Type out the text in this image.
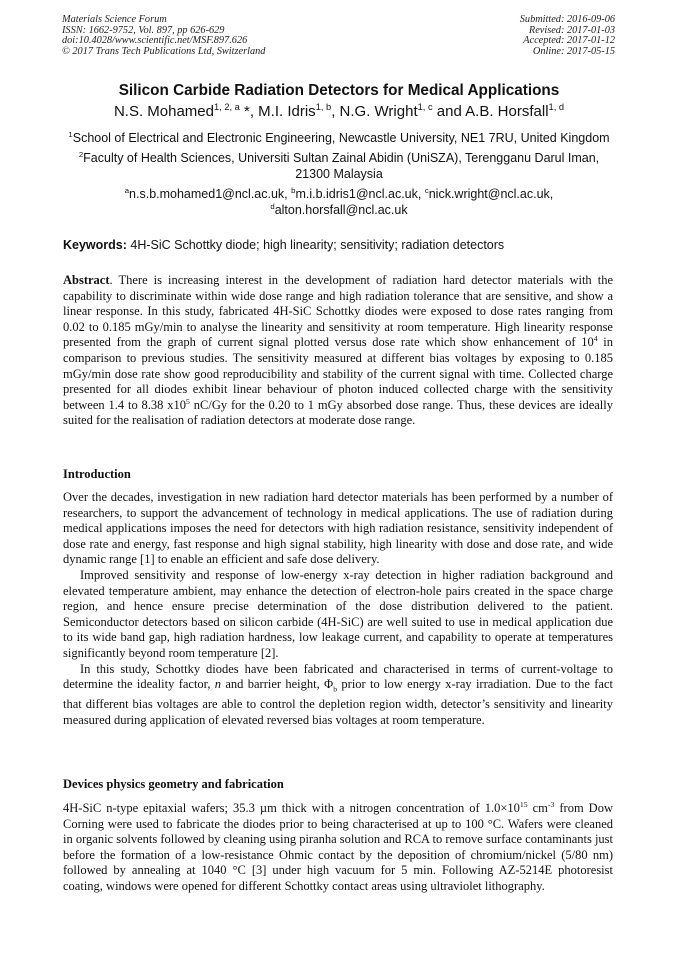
Materials Science Forum
ISSN: 1662-9752, Vol. 897, pp 626-629
doi:10.4028/www.scientific.net/MSF.897.626
© 2017 Trans Tech Publications Ltd, Switzerland
Submitted: 2016-09-06
Revised: 2017-01-03
Accepted: 2017-01-12
Online: 2017-05-15
Silicon Carbide Radiation Detectors for Medical Applications
N.S. Mohamed$^{1, 2, a}$ *, M.I. Idris$^{1, b}$, N.G. Wright$^{1, c}$ and A.B. Horsfall$^{1, d}$
$^1$School of Electrical and Electronic Engineering, Newcastle University, NE1 7RU, United Kingdom
$^2$Faculty of Health Sciences, Universiti Sultan Zainal Abidin (UniSZA), Terengganu Darul Iman,
21300 Malaysia
$^a$n.s.b.mohamed1@ncl.ac.uk, $^b$m.i.b.idris1@ncl.ac.uk, $^c$nick.wright@ncl.ac.uk,
$^d$alton.horsfall@ncl.ac.uk
Keywords: 4H-SiC Schottky diode; high linearity; sensitivity; radiation detectors

Abstract. There is increasing interest in the development of radiation hard detector materials with the capability to discriminate within wide dose range and high radiation tolerance that are sensitive, and show a linear response. In this study, fabricated 4H-SiC Schottky diodes were exposed to dose rates ranging from 0.02 to 0.185 mGy/min to analyse the linearity and sensitivity at room temperature. High linearity response presented from the graph of current signal plotted versus dose rate which show enhancement of $10^4$ in comparison to previous studies. The sensitivity measured at different bias voltages by exposing to 0.185 mGy/min dose rate show good reproducibility and stability of the current signal with time. Collected charge presented for all diodes exhibit linear behaviour of photon induced collected charge with the sensitivity between 1.4 to 8.38 $x10^5$ nC/Gy for the 0.20 to 1 mGy absorbed dose range. Thus, these devices are ideally suited for the realisation of radiation detectors at moderate dose range.

Introduction

Over the decades, investigation in new radiation hard detector materials has been performed by a number of researchers, to support the advancement of technology in medical applications. The use of radiation during medical applications imposes the need for detectors with high radiation resistance, sensitivity independent of dose rate and energy, fast response and high signal stability, high linearity with dose and dose rate, and wide dynamic range [1] to enable an efficient and safe dose delivery.

Improved sensitivity and response of low-energy x-ray detection in higher radiation background and elevated temperature ambient, may enhance the detection of electron-hole pairs created in the space charge region, and hence ensure precise determination of the dose distribution delivered to the patient. Semiconductor detectors based on silicon carbide (4H-SiC) are well suited to use in medical application due to its wide band gap, high radiation hardness, low leakage current, and capability to operate at temperatures significantly beyond room temperature [2].

In this study, Schottky diodes have been fabricated and characterised in terms of current-voltage to determine the ideality factor, n and barrier height, $\Phi_b$ prior to low energy x-ray irradiation. Due to the fact that different bias voltages are able to control the depletion region width, detector’s sensitivity and linearity measured during application of elevated reversed bias voltages at room temperature.

Devices physics geometry and fabrication

4H-SiC n-type epitaxial wafers; 35.3 µm thick with a nitrogen concentration of $1.0\times 10^{15}$ $cm^{-3}$ from Dow Corning were used to fabricate the diodes prior to being characterised at up to 100 °C. Wafers were cleaned in organic solvents followed by cleaning using piranha solution and RCA to remove surface contaminants just before the formation of a low-resistance Ohmic contact by the deposition of chromium/nickel (5/80 nm) followed by annealing at 1040 °C [3] under high vacuum for 5 min. Following AZ-5214E photoresist coating, windows were opened for different Schottky contact areas using ultraviolet lithography.
